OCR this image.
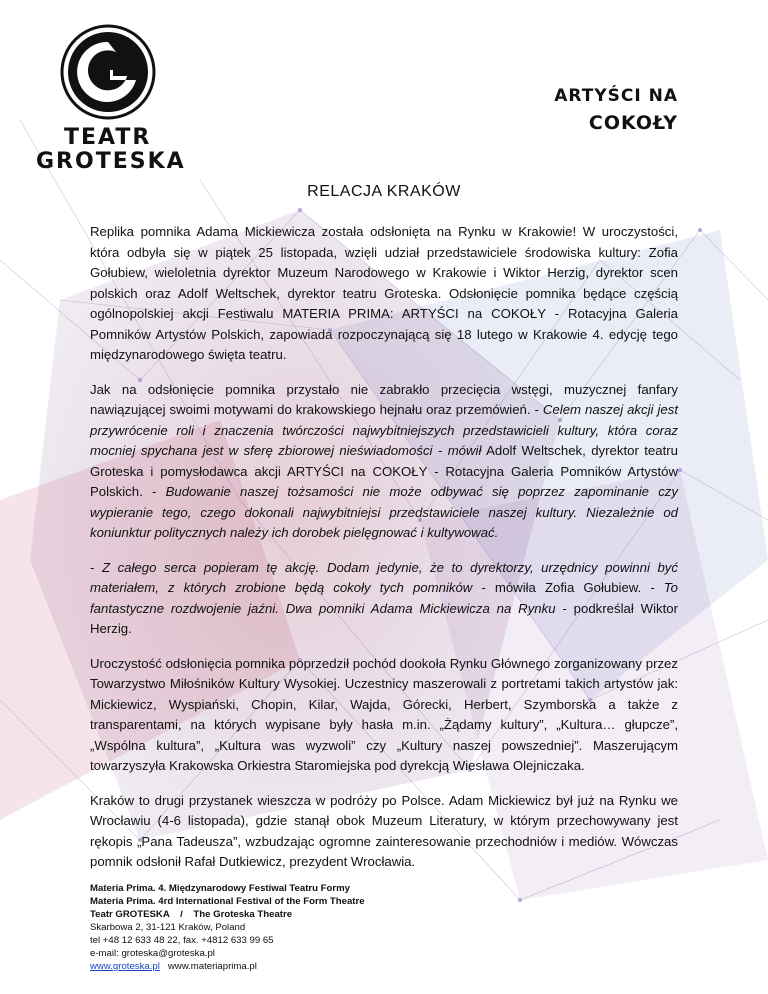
TEATR
GROTESKA
ARTYŚCI NA
COKOŁY
RELACJA KRAKÓW

Replika pomnika Adama Mickiewicza została odsłonięta na Rynku w Krakowie! W uroczystości, która odbyła się w piątek 25 listopada, wzięli udział przedstawiciele środowiska kultury: Zofia Gołubiew, wieloletnia dyrektor Muzeum Narodowego w Krakowie i Wiktor Herzig, dyrektor scen polskich oraz Adolf Weltschek, dyrektor teatru Groteska. Odsłonięcie pomnika będące częścią ogólnopolskiej akcji Festiwalu MATERIA PRIMA: ARTYŚCI na COKOŁY - Rotacyjna Galeria Pomników Artystów Polskich, zapowiada rozpoczynającą się 18 lutego w Krakowie 4. edycję tego międzynarodowego święta teatru.

Jak na odsłonięcie pomnika przystało nie zabrakło przecięcia wstęgi, muzycznej fanfary nawiązującej swoimi motywami do krakowskiego hejnału oraz przemówień. - Celem naszej akcji jest przywrócenie roli i znaczenia twórczości najwybitniejszych przedstawicieli kultury, która coraz mocniej spychana jest w sferę zbiorowej nieświadomości - mówił Adolf Weltschek, dyrektor teatru Groteska i pomysłodawca akcji ARTYŚCI na COKOŁY - Rotacyjna Galeria Pomników Artystów Polskich. - Budowanie naszej tożsamości nie może odbywać się poprzez zapominanie czy wypieranie tego, czego dokonali najwybitniejsi przedstawiciele naszej kultury. Niezależnie od koniunktur politycznych należy ich dorobek pielęgnować i kultywować.

- Z całego serca popieram tę akcję. Dodam jedynie, że to dyrektorzy, urzędnicy powinni być materiałem, z których zrobione będą cokoły tych pomników - mówiła Zofia Gołubiew. - To fantastyczne rozdwojenie jaźni. Dwa pomniki Adama Mickiewicza na Rynku - podkreślał Wiktor Herzig.

Uroczystość odsłonięcia pomnika poprzedził pochód dookoła Rynku Głównego zorganizowany przez Towarzystwo Miłośników Kultury Wysokiej. Uczestnicy maszerowali z portretami takich artystów jak: Mickiewicz, Wyspiański, Chopin, Kilar, Wajda, Górecki, Herbert, Szymborska a także z transparentami, na których wypisane były hasła m.in. „Żądamy kultury”, „Kultura… głupcze”, „Wspólna kultura”, „Kultura was wyzwoli” czy „Kultury naszej powszedniej”. Maszerującym towarzyszyła Krakowska Orkiestra Staromiejska pod dyrekcją Wiesława Olejniczaka.

Kraków to drugi przystanek wieszcza w podróży po Polsce. Adam Mickiewicz był już na Rynku we Wrocławiu (4-6 listopada), gdzie stanął obok Muzeum Literatury, w którym przechowywany jest rękopis „Pana Tadeusza”, wzbudzając ogromne zainteresowanie przechodniów i mediów. Wówczas pomnik odsłonił Rafał Dutkiewicz, prezydent Wrocławia.

Materia Prima. 4. Międzynarodowy Festiwal Teatru Formy
Materia Prima. 4rd International Festival of the Form Theatre
Teatr GROTESKA    /    The Groteska Theatre
Skarbowa 2, 31-121 Kraków, Poland
tel +48 12 633 48 22, fax. +4812 633 99 65
e-mail: groteska@groteska.pl
www.groteska.pl www.materiaprima.pl
